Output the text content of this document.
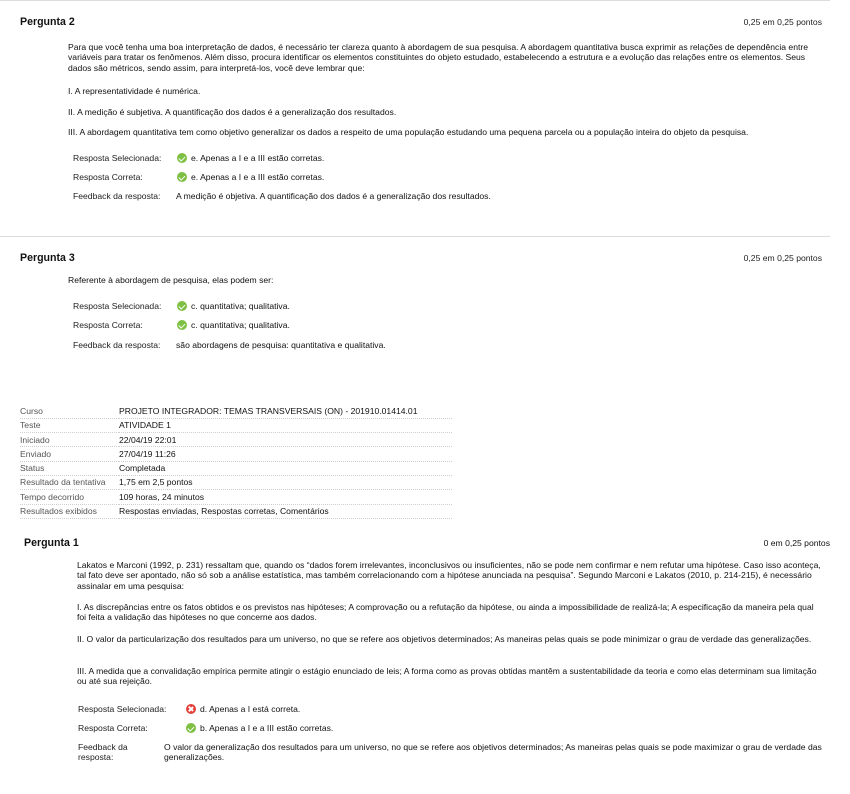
Pergunta 2	0,25 em 0,25 pontos

Para que você tenha uma boa interpretação de dados, é necessário ter clareza quanto à abordagem de sua pesquisa. A abordagem quantitativa busca exprimir as relações de dependência entre variáveis para tratar os fenômenos. Além disso, procura identificar os elementos constituintes do objeto estudado, estabelecendo a estrutura e a evolução das relações entre os elementos. Seus dados são métricos, sendo assim, para interpretá-los, você deve lembrar que:

I. A representatividade é numérica.

II. A medição é subjetiva. A quantificação dos dados é a generalização dos resultados.

III. A abordagem quantitativa tem como objetivo generalizar os dados a respeito de uma população estudando uma pequena parcela ou a população inteira do objeto da pesquisa.

Resposta Selecionada:	e. Apenas a I e a III estão corretas.
Resposta Correta:	e. Apenas a I e a III estão corretas.
Feedback da resposta:	A medição é objetiva. A quantificação dos dados é a generalização dos resultados.
Pergunta 3	0,25 em 0,25 pontos

Referente à abordagem de pesquisa, elas podem ser:

Resposta Selecionada:	c. quantitativa; qualitativa.
Resposta Correta:	c. quantitativa; qualitativa.
Feedback da resposta:	são abordagens de pesquisa: quantitativa e qualitativa.
Curso	PROJETO INTEGRADOR: TEMAS TRANSVERSAIS (ON) - 201910.01414.01
Teste	ATIVIDADE 1
Iniciado	22/04/19 22:01
Enviado	27/04/19 11:26
Status	Completada
Resultado da tentativa	1,75 em 2,5 pontos
Tempo decorrido	109 horas, 24 minutos
Resultados exibidos	Respostas enviadas, Respostas corretas, Comentários
Pergunta 1	0 em 0,25 pontos

Lakatos e Marconi (1992, p. 231) ressaltam que, quando os “dados forem irrelevantes, inconclusivos ou insuficientes, não se pode nem confirmar e nem refutar uma hipótese. Caso isso aconteça, tal fato deve ser apontado, não só sob a análise estatística, mas também correlacionando com a hipótese anunciada na pesquisa”. Segundo Marconi e Lakatos (2010, p. 214-215), é necessário assinalar em uma pesquisa:

I. As discrepâncias entre os fatos obtidos e os previstos nas hipóteses; A comprovação ou a refutação da hipótese, ou ainda a impossibilidade de realizá-la; A especificação da maneira pela qual foi feita a validação das hipóteses no que concerne aos dados.

II. O valor da particularização dos resultados para um universo, no que se refere aos objetivos determinados; As maneiras pelas quais se pode minimizar o grau de verdade das generalizações.

III. A medida que a convalidação empírica permite atingir o estágio enunciado de leis; A forma como as provas obtidas mantêm a sustentabilidade da teoria e como elas determinam sua limitação ou até sua rejeição.

Resposta Selecionada:	d. Apenas a I está correta.
Resposta Correta:	b. Apenas a I e a III estão corretas.
Feedback da resposta:
O valor da generalização dos resultados para um universo, no que se refere aos objetivos determinados; As maneiras pelas quais se pode maximizar o grau de verdade das generalizações.
